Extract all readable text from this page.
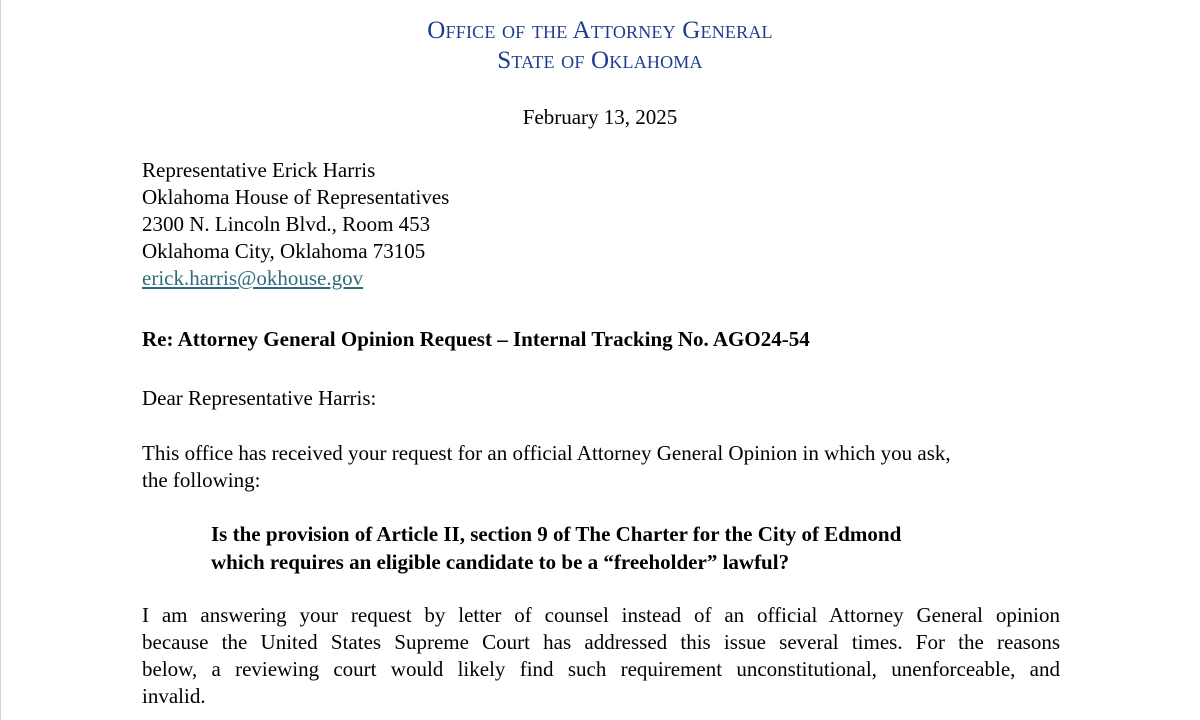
Office of the Attorney General
State of Oklahoma
February 13, 2025
Representative Erick Harris
Oklahoma House of Representatives
2300 N. Lincoln Blvd., Room 453
Oklahoma City, Oklahoma 73105
erick.harris@okhouse.gov
Re: Attorney General Opinion Request – Internal Tracking No. AGO24-54
Dear Representative Harris:
This office has received your request for an official Attorney General Opinion in which you ask,
the following:
Is the provision of Article II, section 9 of The Charter for the City of Edmond
which requires an eligible candidate to be a “freeholder” lawful?
I am answering your request by letter of counsel instead of an official Attorney General opinion
because the United States Supreme Court has addressed this issue several times. For the reasons
below, a reviewing court would likely find such requirement unconstitutional, unenforceable, and
invalid.
